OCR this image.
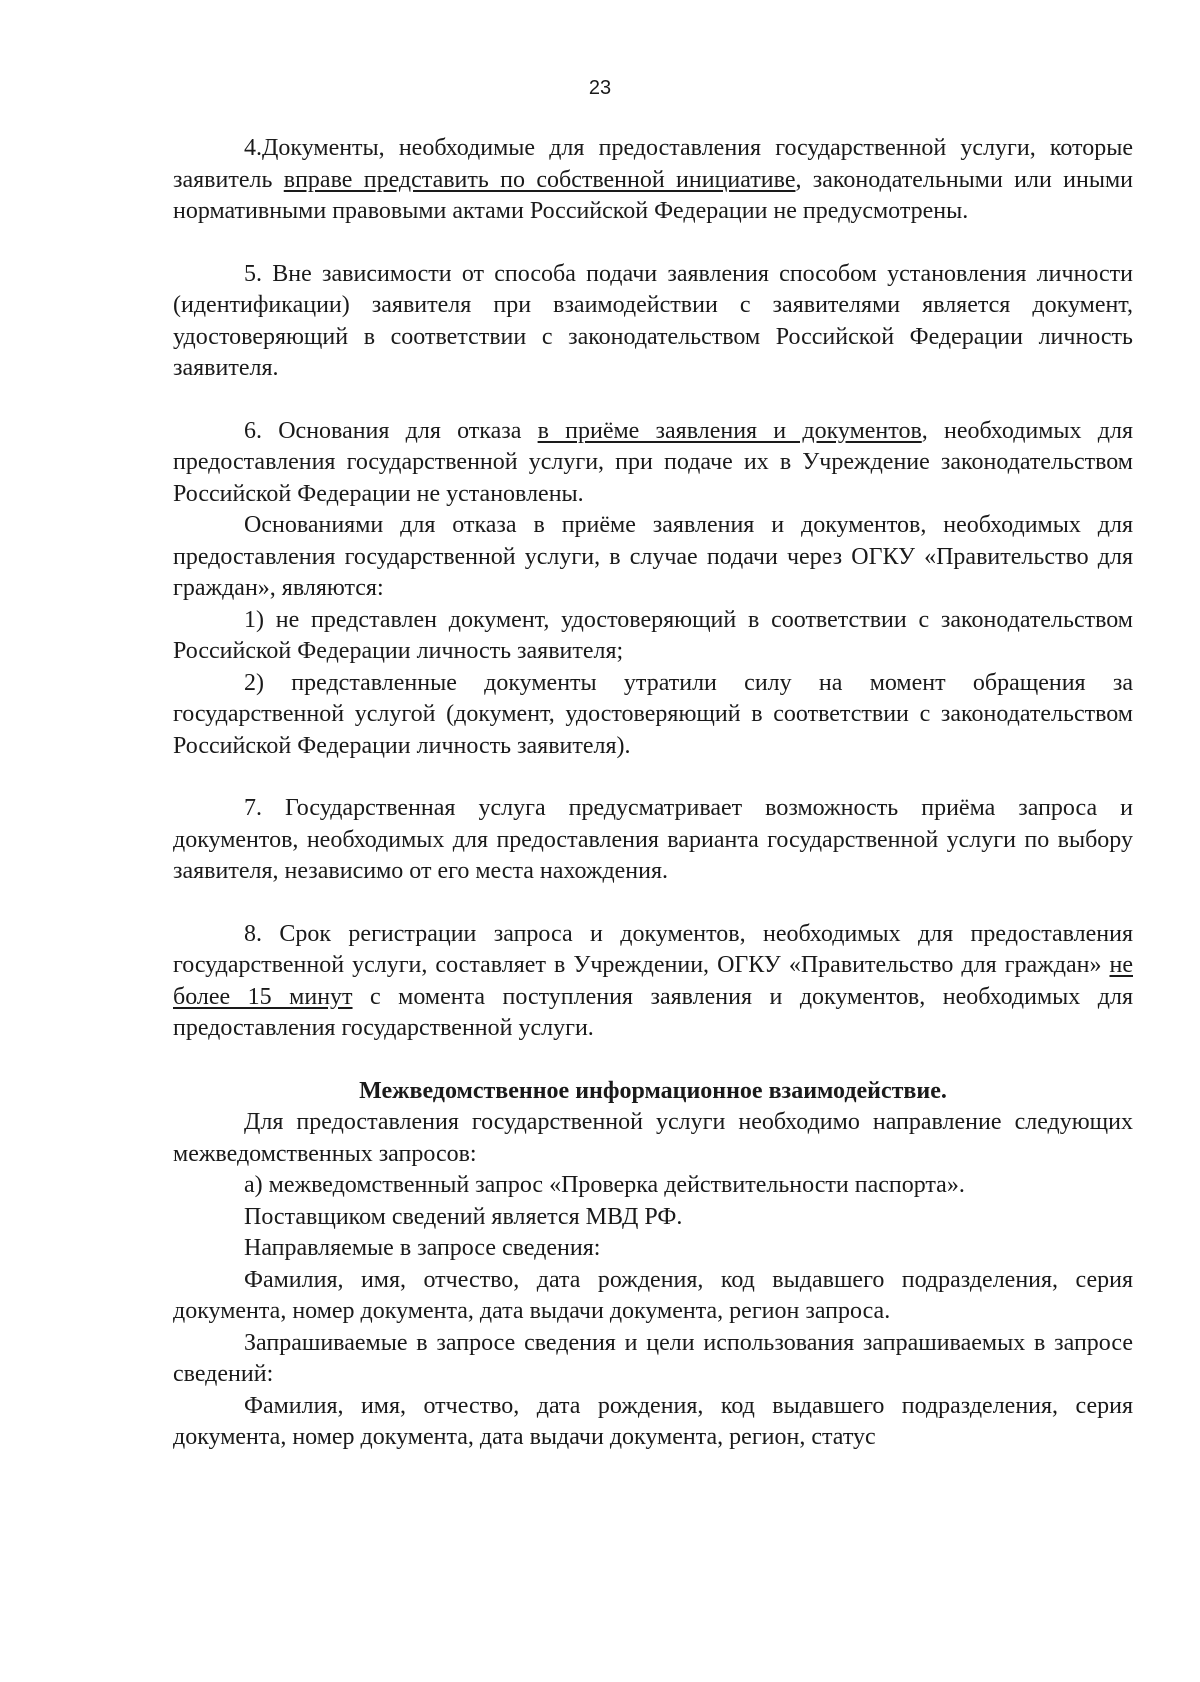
23

4.Документы, необходимые для предоставления государственной услуги, которые заявитель вправе представить по собственной инициативе, законодательными или иными нормативными правовыми актами Российской Федерации не предусмотрены.

5. Вне зависимости от способа подачи заявления способом установления личности (идентификации) заявителя при взаимодействии с заявителями является документ, удостоверяющий в соответствии с законодательством Российской Федерации личность заявителя.

6. Основания для отказа в приёме заявления и документов, необходимых для предоставления государственной услуги, при подаче их в Учреждение законодательством Российской Федерации не установлены.

Основаниями для отказа в приёме заявления и документов, необходимых для предоставления государственной услуги, в случае подачи через ОГКУ «Правительство для граждан», являются:

1) не представлен документ, удостоверяющий в соответствии с законодательством Российской Федерации личность заявителя;

2) представленные документы утратили силу на момент обращения за государственной услугой (документ, удостоверяющий в соответствии с законодательством Российской Федерации личность заявителя).

7. Государственная услуга предусматривает возможность приёма запроса и документов, необходимых для предоставления варианта государственной услуги по выбору заявителя, независимо от его места нахождения.

8. Срок регистрации запроса и документов, необходимых для предоставления государственной услуги, составляет в Учреждении, ОГКУ «Правительство для граждан» не более 15 минут с момента поступления заявления и документов, необходимых для предоставления государственной услуги.

Межведомственное информационное взаимодействие.

Для предоставления государственной услуги необходимо направление следующих межведомственных запросов:

а) межведомственный запрос «Проверка действительности паспорта».

Поставщиком сведений является МВД РФ.

Направляемые в запросе сведения:

Фамилия, имя, отчество, дата рождения, код выдавшего подразделения, серия документа, номер документа, дата выдачи документа, регион запроса.

Запрашиваемые в запросе сведения и цели использования запрашиваемых в запросе сведений:

Фамилия, имя, отчество, дата рождения, код выдавшего подразделения, серия документа, номер документа, дата выдачи документа, регион, статус
